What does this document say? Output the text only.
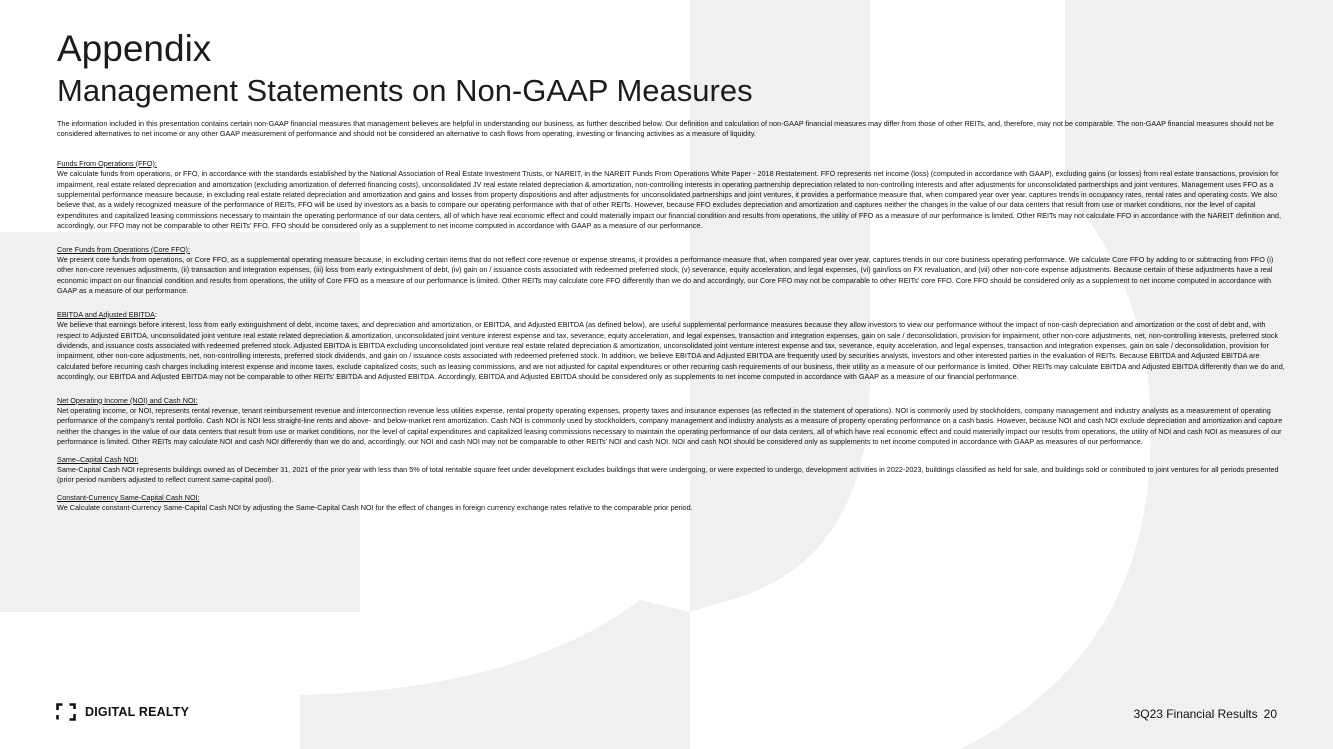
Appendix
Management Statements on Non-GAAP Measures

The information included in this presentation contains certain non-GAAP financial measures that management believes are helpful in understanding our business, as further described below. Our definition and calculation of non-GAAP financial measures may differ from those of other REITs, and, therefore, may not be comparable. The non-GAAP financial measures should not be considered alternatives to net income or any other GAAP measurement of performance and should not be considered an alternative to cash flows from operating, investing or financing activities as a measure of liquidity.

Funds From Operations (FFO):

We calculate funds from operations, or FFO, in accordance with the standards established by the National Association of Real Estate Investment Trusts, or NAREIT, in the NAREIT Funds From Operations White Paper - 2018 Restatement. FFO represents net income (loss) (computed in accordance with GAAP), excluding gains (or losses) from real estate transactions, provision for impairment, real estate related depreciation and amortization (excluding amortization of deferred financing costs), unconsolidated JV real estate related depreciation & amortization, non-controlling interests in operating partnership depreciation related to non-controlling interests and after adjustments for unconsolidated partnerships and joint ventures. Management uses FFO as a supplemental performance measure because, in excluding real estate related depreciation and amortization and gains and losses from property dispositions and after adjustments for unconsolidated partnerships and joint ventures, it provides a performance measure that, when compared year over year, captures trends in occupancy rates, rental rates and operating costs. We also believe that, as a widely recognized measure of the performance of REITs, FFO will be used by investors as a basis to compare our operating performance with that of other REITs. However, because FFO excludes depreciation and amortization and captures neither the changes in the value of our data centers that result from use or market conditions, nor the level of capital expenditures and capitalized leasing commissions necessary to maintain the operating performance of our data centers, all of which have real economic effect and could materially impact our financial condition and results from operations, the utility of FFO as a measure of our performance is limited. Other REITs may not calculate FFO in accordance with the NAREIT definition and, accordingly, our FFO may not be comparable to other REITs’ FFO. FFO should be considered only as a supplement to net income computed in accordance with GAAP as a measure of our performance.

Core Funds from Operations (Core FFO):

We present core funds from operations, or Core FFO, as a supplemental operating measure because, in excluding certain items that do not reflect core revenue or expense streams, it provides a performance measure that, when compared year over year, captures trends in our core business operating performance. We calculate Core FFO by adding to or subtracting from FFO (i) other non-core revenues adjustments, (ii) transaction and integration expenses, (iii) loss from early extinguishment of debt, (iv) gain on / issuance costs associated with redeemed preferred stock, (v) severance, equity acceleration, and legal expenses, (vi) gain/loss on FX revaluation, and (vii) other non-core expense adjustments. Because certain of these adjustments have a real economic impact on our financial condition and results from operations, the utility of Core FFO as a measure of our performance is limited. Other REITs may calculate core FFO differently than we do and accordingly, our Core FFO may not be comparable to other REITs’ core FFO. Core FFO should be considered only as a supplement to net income computed in accordance with GAAP as a measure of our performance.

EBITDA and Adjusted EBITDA:

We believe that earnings before interest, loss from early extinguishment of debt, income taxes, and depreciation and amortization, or EBITDA, and Adjusted EBITDA (as defined below), are useful supplemental performance measures because they allow investors to view our performance without the impact of non-cash depreciation and amortization or the cost of debt and, with respect to Adjusted EBITDA, unconsolidated joint venture real estate related depreciation & amortization, unconsolidated joint venture interest expense and tax, severance, equity acceleration, and legal expenses, transaction and integration expenses, gain on sale / deconsolidation, provision for impairment, other non-core adjustments, net, non-controlling interests, preferred stock dividends, and issuance costs associated with redeemed preferred stock. Adjusted EBITDA is EBITDA excluding unconsolidated joint venture real estate related depreciation & amortization, unconsolidated joint venture interest expense and tax, severance, equity acceleration, and legal expenses, transaction and integration expenses, gain on sale / deconsolidation, provision for impairment, other non-core adjustments, net, non-controlling interests, preferred stock dividends, and gain on / issuance costs associated with redeemed preferred stock. In addition, we believe EBITDA and Adjusted EBITDA are frequently used by securities analysts, investors and other interested parties in the evaluation of REITs. Because EBITDA and Adjusted EBITDA are calculated before recurring cash charges including interest expense and income taxes, exclude capitalized costs, such as leasing commissions, and are not adjusted for capital expenditures or other recurring cash requirements of our business, their utility as a measure of our performance is limited. Other REITs may calculate EBITDA and Adjusted EBITDA differently than we do and, accordingly, our EBITDA and Adjusted EBITDA may not be comparable to other REITs’ EBITDA and Adjusted EBITDA. Accordingly, EBITDA and Adjusted EBITDA should be considered only as supplements to net income computed in accordance with GAAP as a measure of our financial performance.

Net Operating Income (NOI) and Cash NOI:

Net operating income, or NOI, represents rental revenue, tenant reimbursement revenue and interconnection revenue less utilities expense, rental property operating expenses, property taxes and insurance expenses (as reflected in the statement of operations). NOI is commonly used by stockholders, company management and industry analysts as a measurement of operating performance of the company’s rental portfolio. Cash NOI is NOI less straight-line rents and above- and below-market rent amortization. Cash NOI is commonly used by stockholders, company management and industry analysts as a measure of property operating performance on a cash basis. However, because NOI and cash NOI exclude depreciation and amortization and capture neither the changes in the value of our data centers that result from use or market conditions, nor the level of capital expenditures and capitalized leasing commissions necessary to maintain the operating performance of our data centers, all of which have real economic effect and could materially impact our results from operations, the utility of NOI and cash NOI as measures of our performance is limited. Other REITs may calculate NOI and cash NOI differently than we do and, accordingly, our NOI and cash NOI may not be comparable to other REITs’ NOI and cash NOI. NOI and cash NOI should be considered only as supplements to net income computed in accordance with GAAP as measures of our performance.

Same–Capital Cash NOI:

Same-Capital Cash NOI represents buildings owned as of December 31, 2021 of the prior year with less than 5% of total rentable square feet under development excludes buildings that were undergoing, or were expected to undergo, development activities in 2022-2023, buildings classified as held for sale, and buildings sold or contributed to joint ventures for all periods presented (prior period numbers adjusted to reflect current same-capital pool).

Constant-Currency Same-Capital Cash NOI:

We Calculate constant-Currency Same-Capital Cash NOI by adjusting the Same-Capital Cash NOI for the effect of changes in foreign currency exchange rates relative to the comparable prior period.

DIGITAL REALTY	3Q23 Financial Results 20
